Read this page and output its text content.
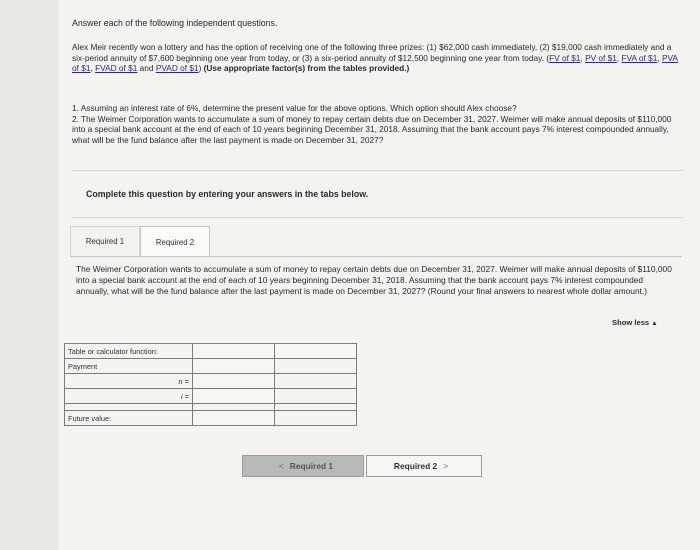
Answer each of the following independent questions.
Alex Meir recently won a lottery and has the option of receiving one of the following three prizes: (1) $62,000 cash immediately, (2) $19,000 cash immediately and a six-period annuity of $7,600 beginning one year from today, or (3) a six-period annuity of $12,500 beginning one year from today. (FV of $1, PV of $1, FVA of $1, PVA of $1, FVAD of $1 and PVAD of $1) (Use appropriate factor(s) from the tables provided.)
1. Assuming an interest rate of 6%, determine the present value for the above options. Which option should Alex choose?
2. The Weimer Corporation wants to accumulate a sum of money to repay certain debts due on December 31, 2027. Weimer will make annual deposits of $110,000 into a special bank account at the end of each of 10 years beginning December 31, 2018. Assuming that the bank account pays 7% interest compounded annually, what will be the fund balance after the last payment is made on December 31, 2027?
Complete this question by entering your answers in the tabs below.
Required 1	Required 2
The Weimer Corporation wants to accumulate a sum of money to repay certain debts due on December 31, 2027. Weimer will make annual deposits of $110,000 into a special bank account at the end of each of 10 years beginning December 31, 2018. Assuming that the bank account pays 7% interest compounded annually, what will be the fund balance after the last payment is made on December 31, 2027? (Round your final answers to nearest whole dollar amount.)
Show less ▲
Table or calculator function:		
Payment		
n =		
i =		

Future value:		
< Required 1	Required 2 >
